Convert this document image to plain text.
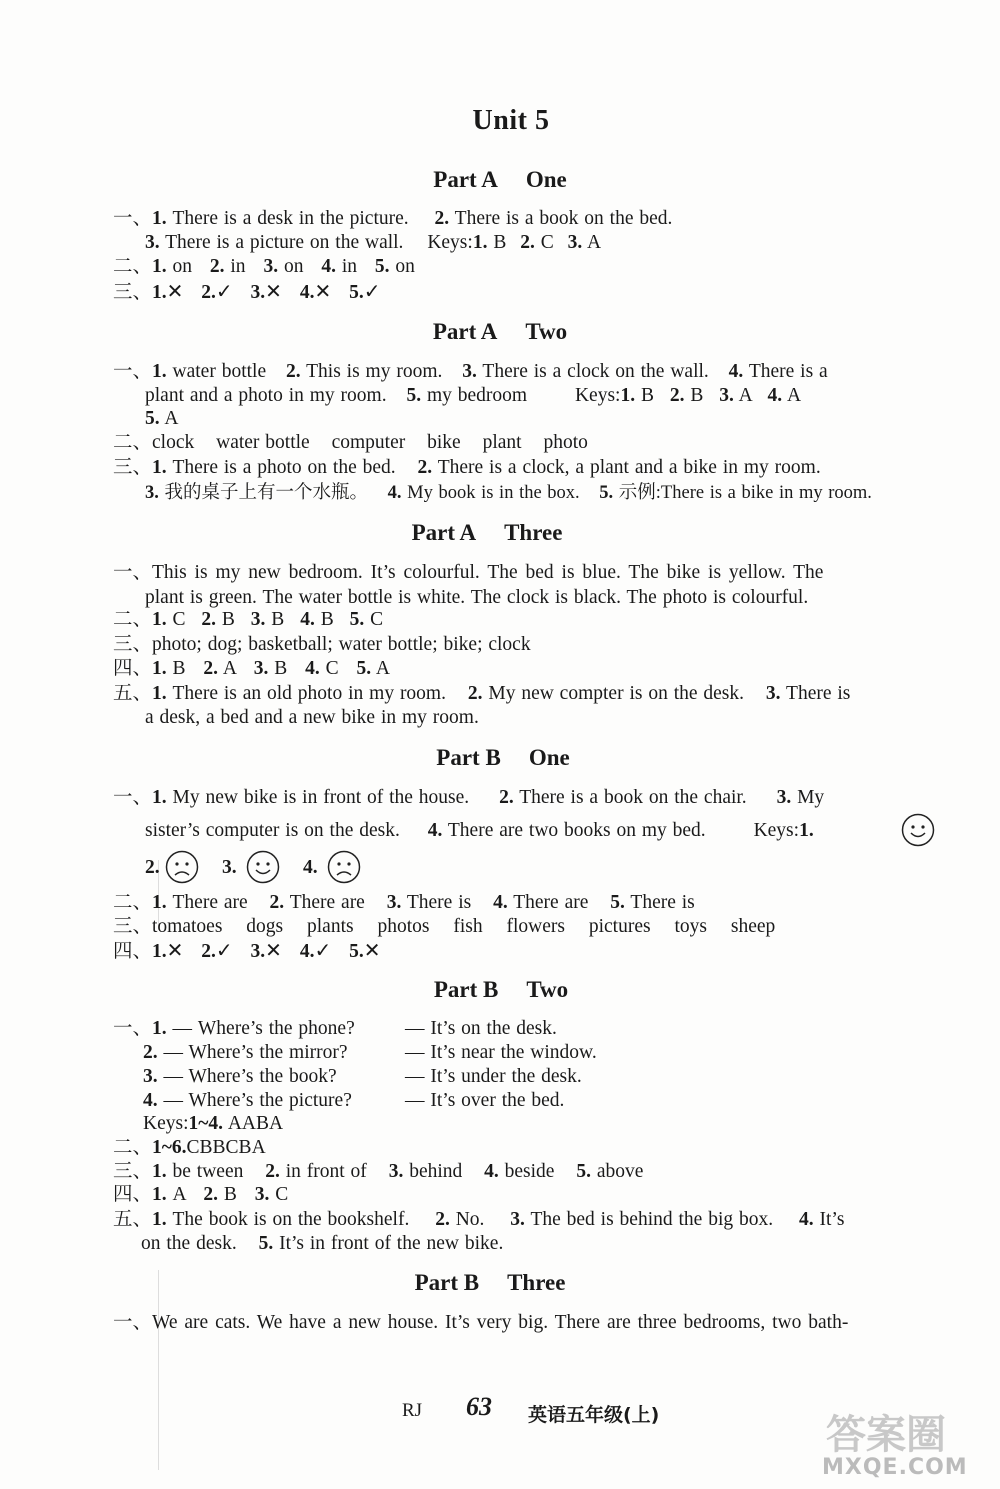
Unit 5
Part A One
一、1. There is a desk in the picture. 2. There is a book on the bed.
3. There is a picture on the wall. Keys:1. B 2. C 3. A
二、1. on 2. in 3. on 4. in 5. on
三、1.✕ 2.✓ 3.✕ 4.✕ 5.✓
Part A Two
一、1. water bottle 2. This is my room. 3. There is a clock on the wall. 4. There is a
plant and a photo in my room. 5. my bedroom Keys:1. B 2. B 3. A 4. A
5. A
二、clock water bottle computer bike plant photo
三、1. There is a photo on the bed. 2. There is a clock, a plant and a bike in my room.
3. 我的桌子上有一个水瓶。 4. My book is in the box. 5. 示例:There is a bike in my room.
Part A Three
一、This is my new bedroom. It’s colourful. The bed is blue. The bike is yellow. The
plant is green. The water bottle is white. The clock is black. The photo is colourful.
二、1. C 2. B 3. B 4. B 5. C
三、photo; dog; basketball; water bottle; bike; clock
四、1. B 2. A 3. B 4. C 5. A
五、1. There is an old photo in my room. 2. My new compter is on the desk. 3. There is
a desk, a bed and a new bike in my room.
Part B One
一、1. My new bike is in front of the house. 2. There is a book on the chair. 3. My
sister’s computer is on the desk. 4. There are two books on my bed. Keys:1.
2.	3.	4.
二、1. There are 2. There are 3. There is 4. There are 5. There is
三、tomatoes dogs plants photos fish flowers pictures toys sheep
四、1.✕ 2.✓ 3.✕ 4.✓ 5.✕
Part B Two
一、1. — Where’s the phone?	— It’s on the desk.
2. — Where’s the mirror?	— It’s near the window.
3. — Where’s the book?	— It’s under the desk.
4. — Where’s the picture?	— It’s over the bed.
Keys:1~4. AABA
二、1~6.CBBCBA
三、1. be tween 2. in front of 3. behind 4. beside 5. above
四、1. A 2. B 3. C
五、1. The book is on the bookshelf. 2. No. 3. The bed is behind the big box. 4. It’s
on the desk. 5. It’s in front of the new bike.
Part B Three
一、We are cats. We have a new house. It’s very big. There are three bedrooms, two bath-
RJ 63 英语五年级(上)	答案圈
MXQE.COM
